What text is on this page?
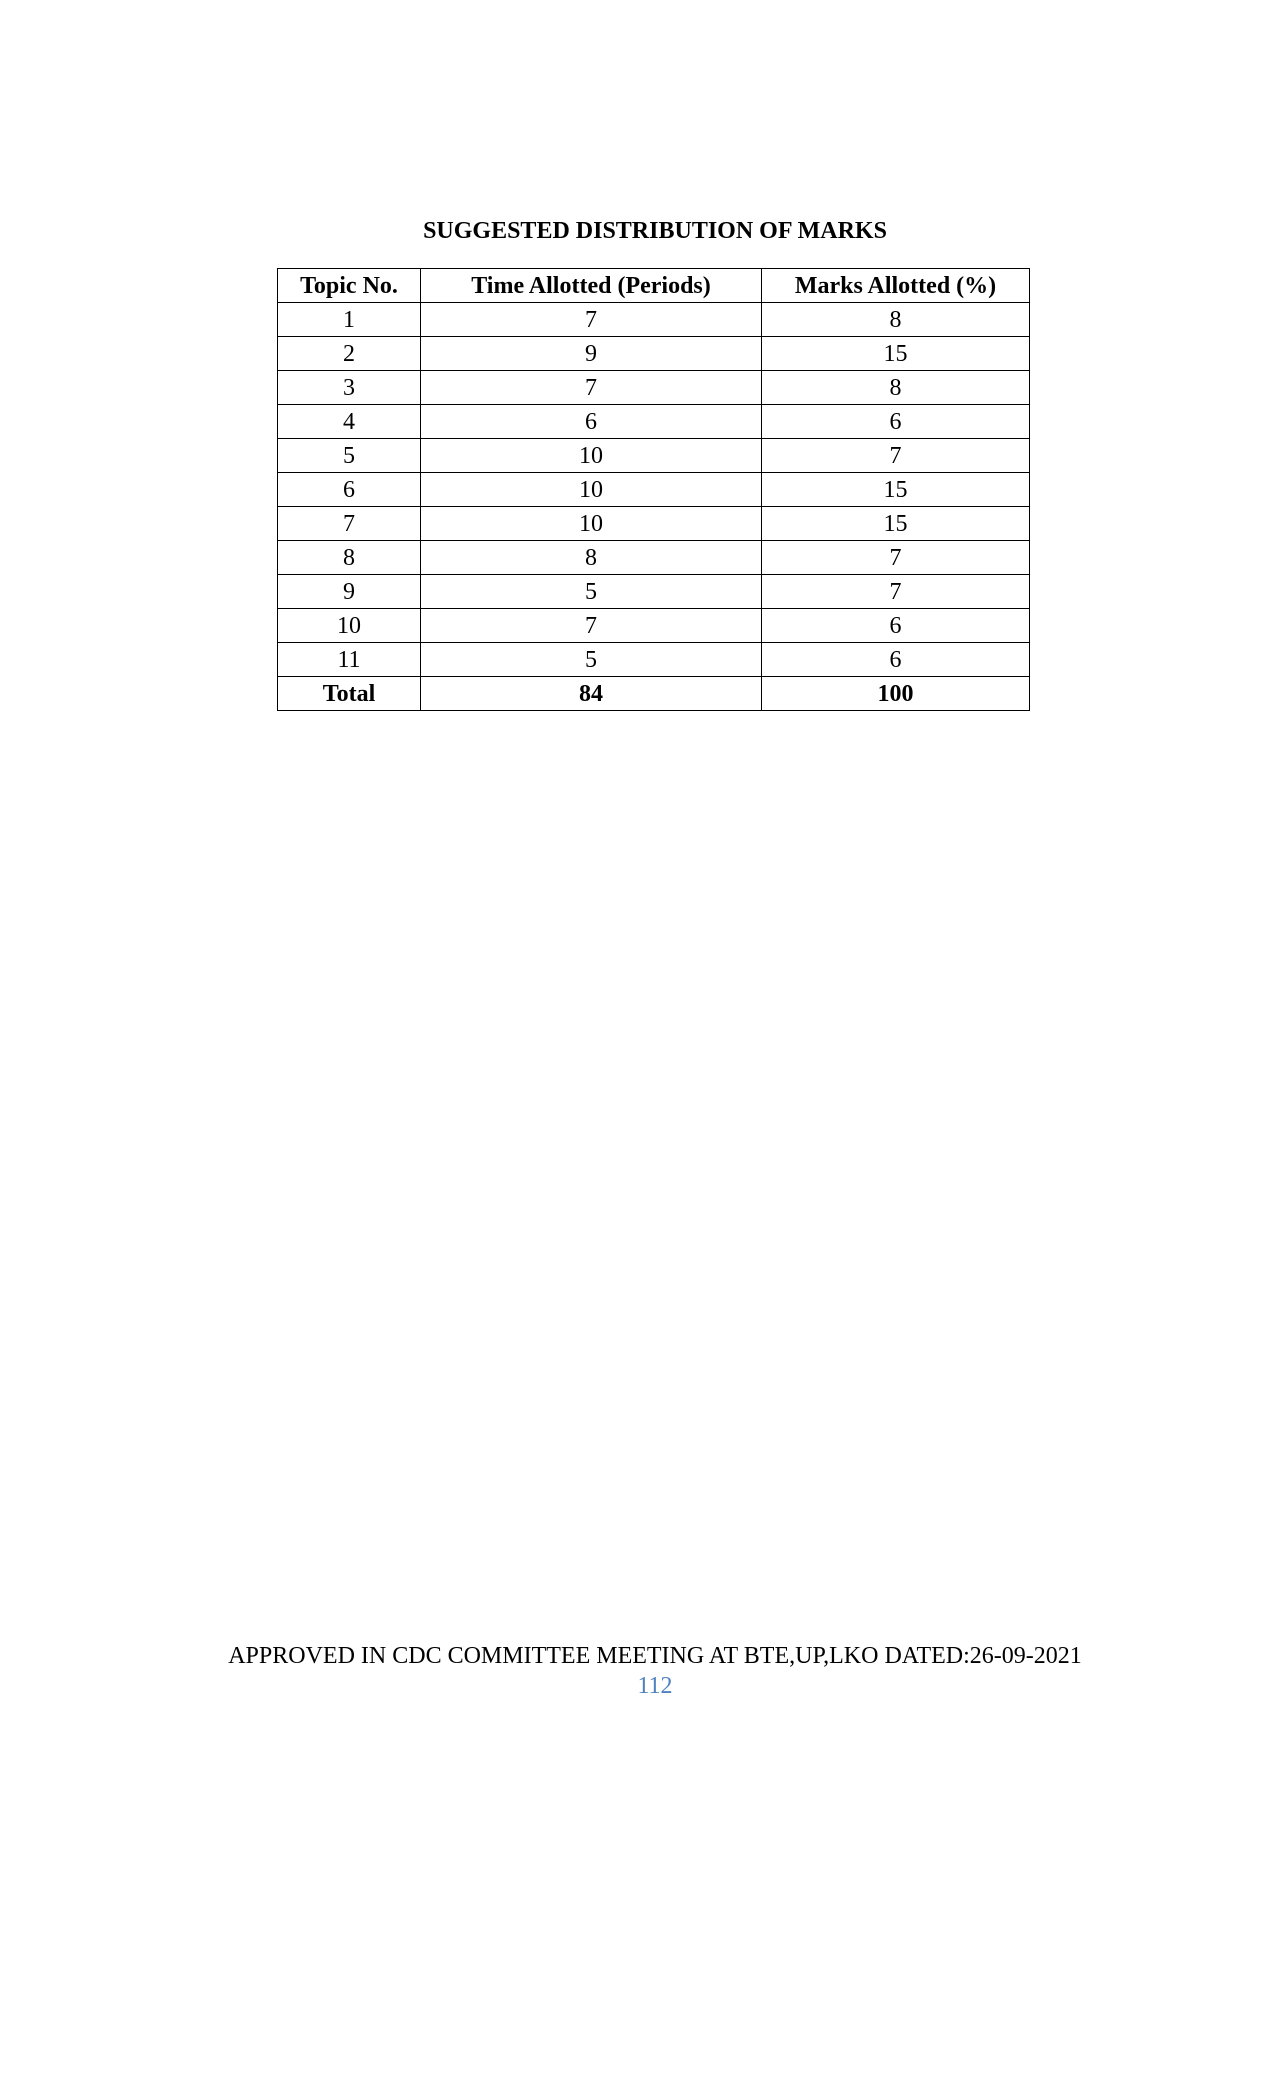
SUGGESTED DISTRIBUTION OF MARKS
Topic No.	Time Allotted (Periods)	Marks Allotted (%)
1	7	8
2	9	15
3	7	8
4	6	6
5	10	7
6	10	15
7	10	15
8	8	7
9	5	7
10	7	6
11	5	6
Total	84	100
APPROVED IN CDC COMMITTEE MEETING AT BTE,UP,LKO DATED:26-09-2021
112
